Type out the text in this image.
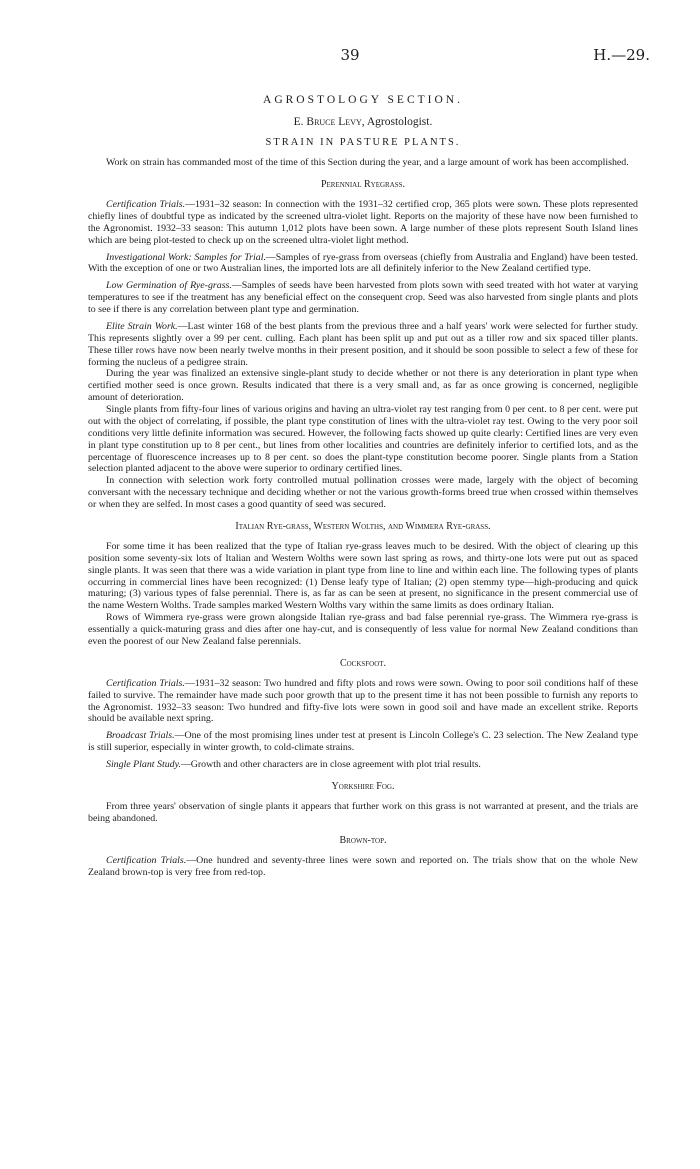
39	H.—29.
AGROSTOLOGY SECTION.
E. Bruce Levy, Agrostologist.
STRAIN IN PASTURE PLANTS.

Work on strain has commanded most of the time of this Section during the year, and a large amount of work has been accomplished.

Perennial Ryegrass.

Certification Trials.—1931–32 season: In connection with the 1931–32 certified crop, 365 plots were sown. These plots represented chiefly lines of doubtful type as indicated by the screened ultra-violet light. Reports on the majority of these have now been furnished to the Agronomist. 1932–33 season: This autumn 1,012 plots have been sown. A large number of these plots represent South Island lines which are being plot-tested to check up on the screened ultra-violet light method.

Investigational Work: Samples for Trial.—Samples of rye-grass from overseas (chiefly from Australia and England) have been tested. With the exception of one or two Australian lines, the imported lots are all definitely inferior to the New Zealand certified type.

Low Germination of Rye-grass.—Samples of seeds have been harvested from plots sown with seed treated with hot water at varying temperatures to see if the treatment has any beneficial effect on the consequent crop. Seed was also harvested from single plants and plots to see if there is any correlation between plant type and germination.

Elite Strain Work.—Last winter 168 of the best plants from the previous three and a half years' work were selected for further study. This represents slightly over a 99 per cent. culling. Each plant has been split up and put out as a tiller row and six spaced tiller plants. These tiller rows have now been nearly twelve months in their present position, and it should be soon possible to select a few of these for forming the nucleus of a pedigree strain.

During the year was finalized an extensive single-plant study to decide whether or not there is any deterioration in plant type when certified mother seed is once grown. Results indicated that there is a very small and, as far as once growing is concerned, negligible amount of deterioration.

Single plants from fifty-four lines of various origins and having an ultra-violet ray test ranging from 0 per cent. to 8 per cent. were put out with the object of correlating, if possible, the plant type constitution of lines with the ultra-violet ray test. Owing to the very poor soil conditions very little definite information was secured. However, the following facts showed up quite clearly: Certified lines are very even in plant type constitution up to 8 per cent., but lines from other localities and countries are definitely inferior to certified lots, and as the percentage of fluorescence increases up to 8 per cent. so does the plant-type constitution become poorer. Single plants from a Station selection planted adjacent to the above were superior to ordinary certified lines.

In connection with selection work forty controlled mutual pollination crosses were made, largely with the object of becoming conversant with the necessary technique and deciding whether or not the various growth-forms breed true when crossed within themselves or when they are selfed. In most cases a good quantity of seed was secured.

Italian Rye-grass, Western Wolths, and Wimmera Rye-grass.

For some time it has been realized that the type of Italian rye-grass leaves much to be desired. With the object of clearing up this position some seventy-six lots of Italian and Western Wolths were sown last spring as rows, and thirty-one lots were put out as spaced single plants. It was seen that there was a wide variation in plant type from line to line and within each line. The following types of plants occurring in commercial lines have been recognized: (1) Dense leafy type of Italian; (2) open stemmy type—high-producing and quick maturing; (3) various types of false perennial. There is, as far as can be seen at present, no significance in the present commercial use of the name Western Wolths. Trade samples marked Western Wolths vary within the same limits as does ordinary Italian.

Rows of Wimmera rye-grass were grown alongside Italian rye-grass and bad false perennial rye-grass. The Wimmera rye-grass is essentially a quick-maturing grass and dies after one hay-cut, and is consequently of less value for normal New Zealand conditions than even the poorest of our New Zealand false perennials.

Cocksfoot.

Certification Trials.—1931–32 season: Two hundred and fifty plots and rows were sown. Owing to poor soil conditions half of these failed to survive. The remainder have made such poor growth that up to the present time it has not been possible to furnish any reports to the Agronomist. 1932–33 season: Two hundred and fifty-five lots were sown in good soil and have made an excellent strike. Reports should be available next spring.

Broadcast Trials.—One of the most promising lines under test at present is Lincoln College's C. 23 selection. The New Zealand type is still superior, especially in winter growth, to cold-climate strains.

Single Plant Study.—Growth and other characters are in close agreement with plot trial results.

Yorkshire Fog.

From three years' observation of single plants it appears that further work on this grass is not warranted at present, and the trials are being abandoned.

Brown-top.

Certification Trials.—One hundred and seventy-three lines were sown and reported on. The trials show that on the whole New Zealand brown-top is very free from red-top.
